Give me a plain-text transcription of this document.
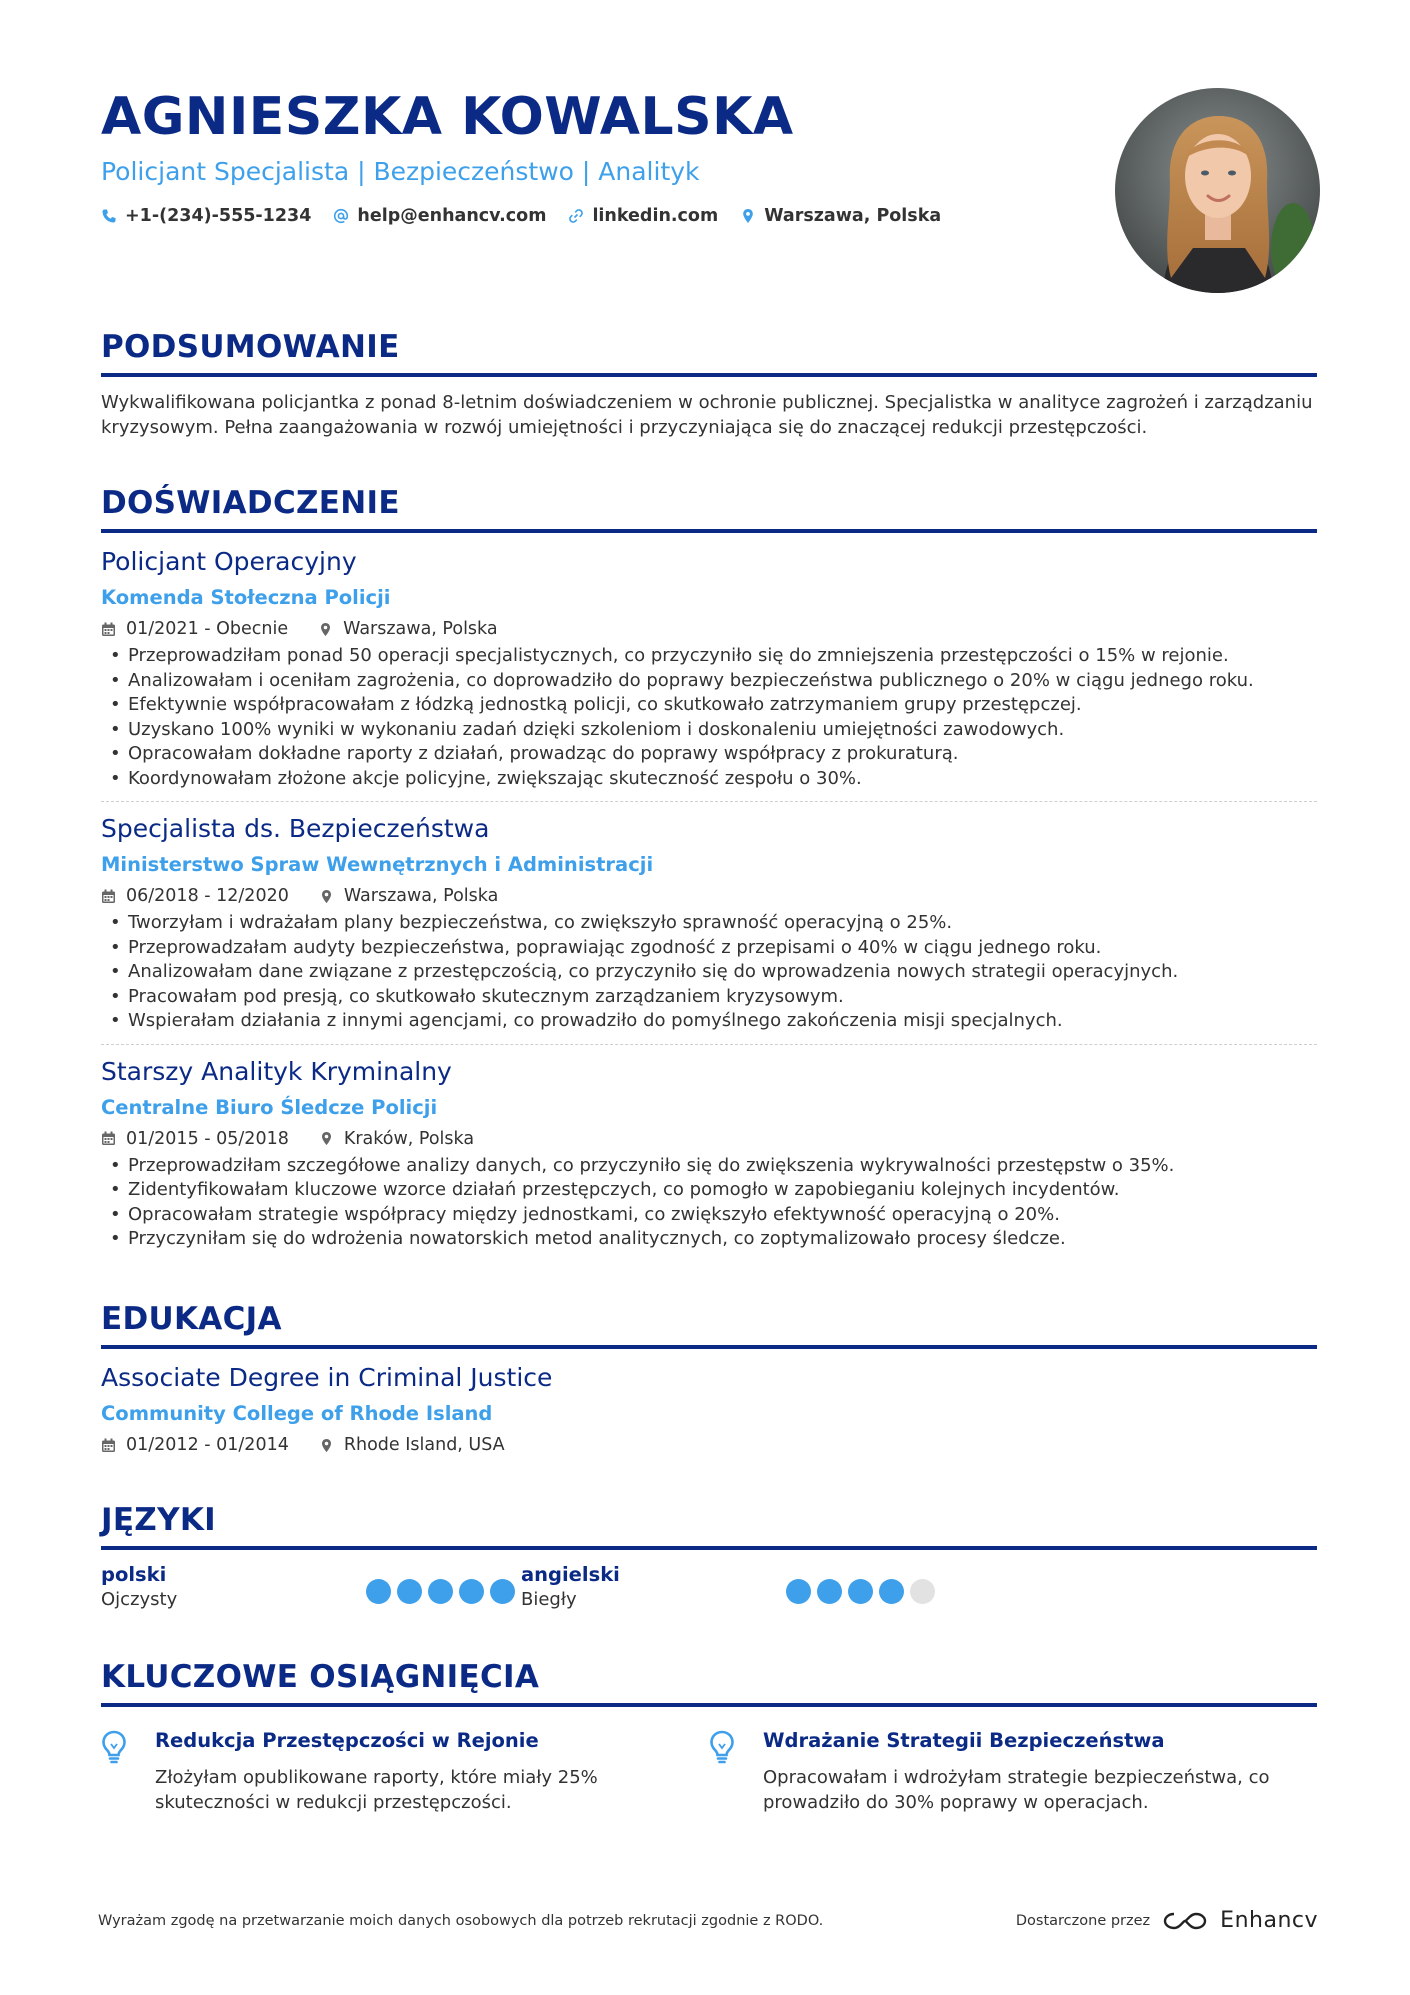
AGNIESZKA KOWALSKA
Policjant Specjalista | Bezpieczeństwo | Analityk
+1-(234)-555-1234	help@enhancv.com	linkedin.com	Warszawa, Polska
PODSUMOWANIE
Wykwalifikowana policjantka z ponad 8-letnim doświadczeniem w ochronie publicznej. Specjalistka w analityce zagrożeń i zarządzaniu kryzysowym. Pełna zaangażowania w rozwój umiejętności i przyczyniająca się do znaczącej redukcji przestępczości.
DOŚWIADCZENIE
Policjant Operacyjny
Komenda Stołeczna Policji
01/2021 - Obecnie	Warszawa, Polska
• Przeprowadziłam ponad 50 operacji specjalistycznych, co przyczyniło się do zmniejszenia przestępczości o 15% w rejonie.
• Analizowałam i oceniłam zagrożenia, co doprowadziło do poprawy bezpieczeństwa publicznego o 20% w ciągu jednego roku.
• Efektywnie współpracowałam z łódzką jednostką policji, co skutkowało zatrzymaniem grupy przestępczej.
• Uzyskano 100% wyniki w wykonaniu zadań dzięki szkoleniom i doskonaleniu umiejętności zawodowych.
• Opracowałam dokładne raporty z działań, prowadząc do poprawy współpracy z prokuraturą.
• Koordynowałam złożone akcje policyjne, zwiększając skuteczność zespołu o 30%.
Specjalista ds. Bezpieczeństwa
Ministerstwo Spraw Wewnętrznych i Administracji
06/2018 - 12/2020	Warszawa, Polska
• Tworzyłam i wdrażałam plany bezpieczeństwa, co zwiększyło sprawność operacyjną o 25%.
• Przeprowadzałam audyty bezpieczeństwa, poprawiając zgodność z przepisami o 40% w ciągu jednego roku.
• Analizowałam dane związane z przestępczością, co przyczyniło się do wprowadzenia nowych strategii operacyjnych.
• Pracowałam pod presją, co skutkowało skutecznym zarządzaniem kryzysowym.
• Wspierałam działania z innymi agencjami, co prowadziło do pomyślnego zakończenia misji specjalnych.
Starszy Analityk Kryminalny
Centralne Biuro Śledcze Policji
01/2015 - 05/2018	Kraków, Polska
• Przeprowadziłam szczegółowe analizy danych, co przyczyniło się do zwiększenia wykrywalności przestępstw o 35%.
• Zidentyfikowałam kluczowe wzorce działań przestępczych, co pomogło w zapobieganiu kolejnych incydentów.
• Opracowałam strategie współpracy między jednostkami, co zwiększyło efektywność operacyjną o 20%.
• Przyczyniłam się do wdrożenia nowatorskich metod analitycznych, co zoptymalizowało procesy śledcze.
EDUKACJA
Associate Degree in Criminal Justice
Community College of Rhode Island
01/2012 - 01/2014	Rhode Island, USA
JĘZYKI
polski
Ojczysty
angielski
Biegły
KLUCZOWE OSIĄGNIĘCIA
Redukcja Przestępczości w Rejonie
Złożyłam opublikowane raporty, które miały 25% skuteczności w redukcji przestępczości.
Wdrażanie Strategii Bezpieczeństwa
Opracowałam i wdrożyłam strategie bezpieczeństwa, co prowadziło do 30% poprawy w operacjach.
Wyrażam zgodę na przetwarzanie moich danych osobowych dla potrzeb rekrutacji zgodnie z RODO.	Dostarczone przez	Enhancv
